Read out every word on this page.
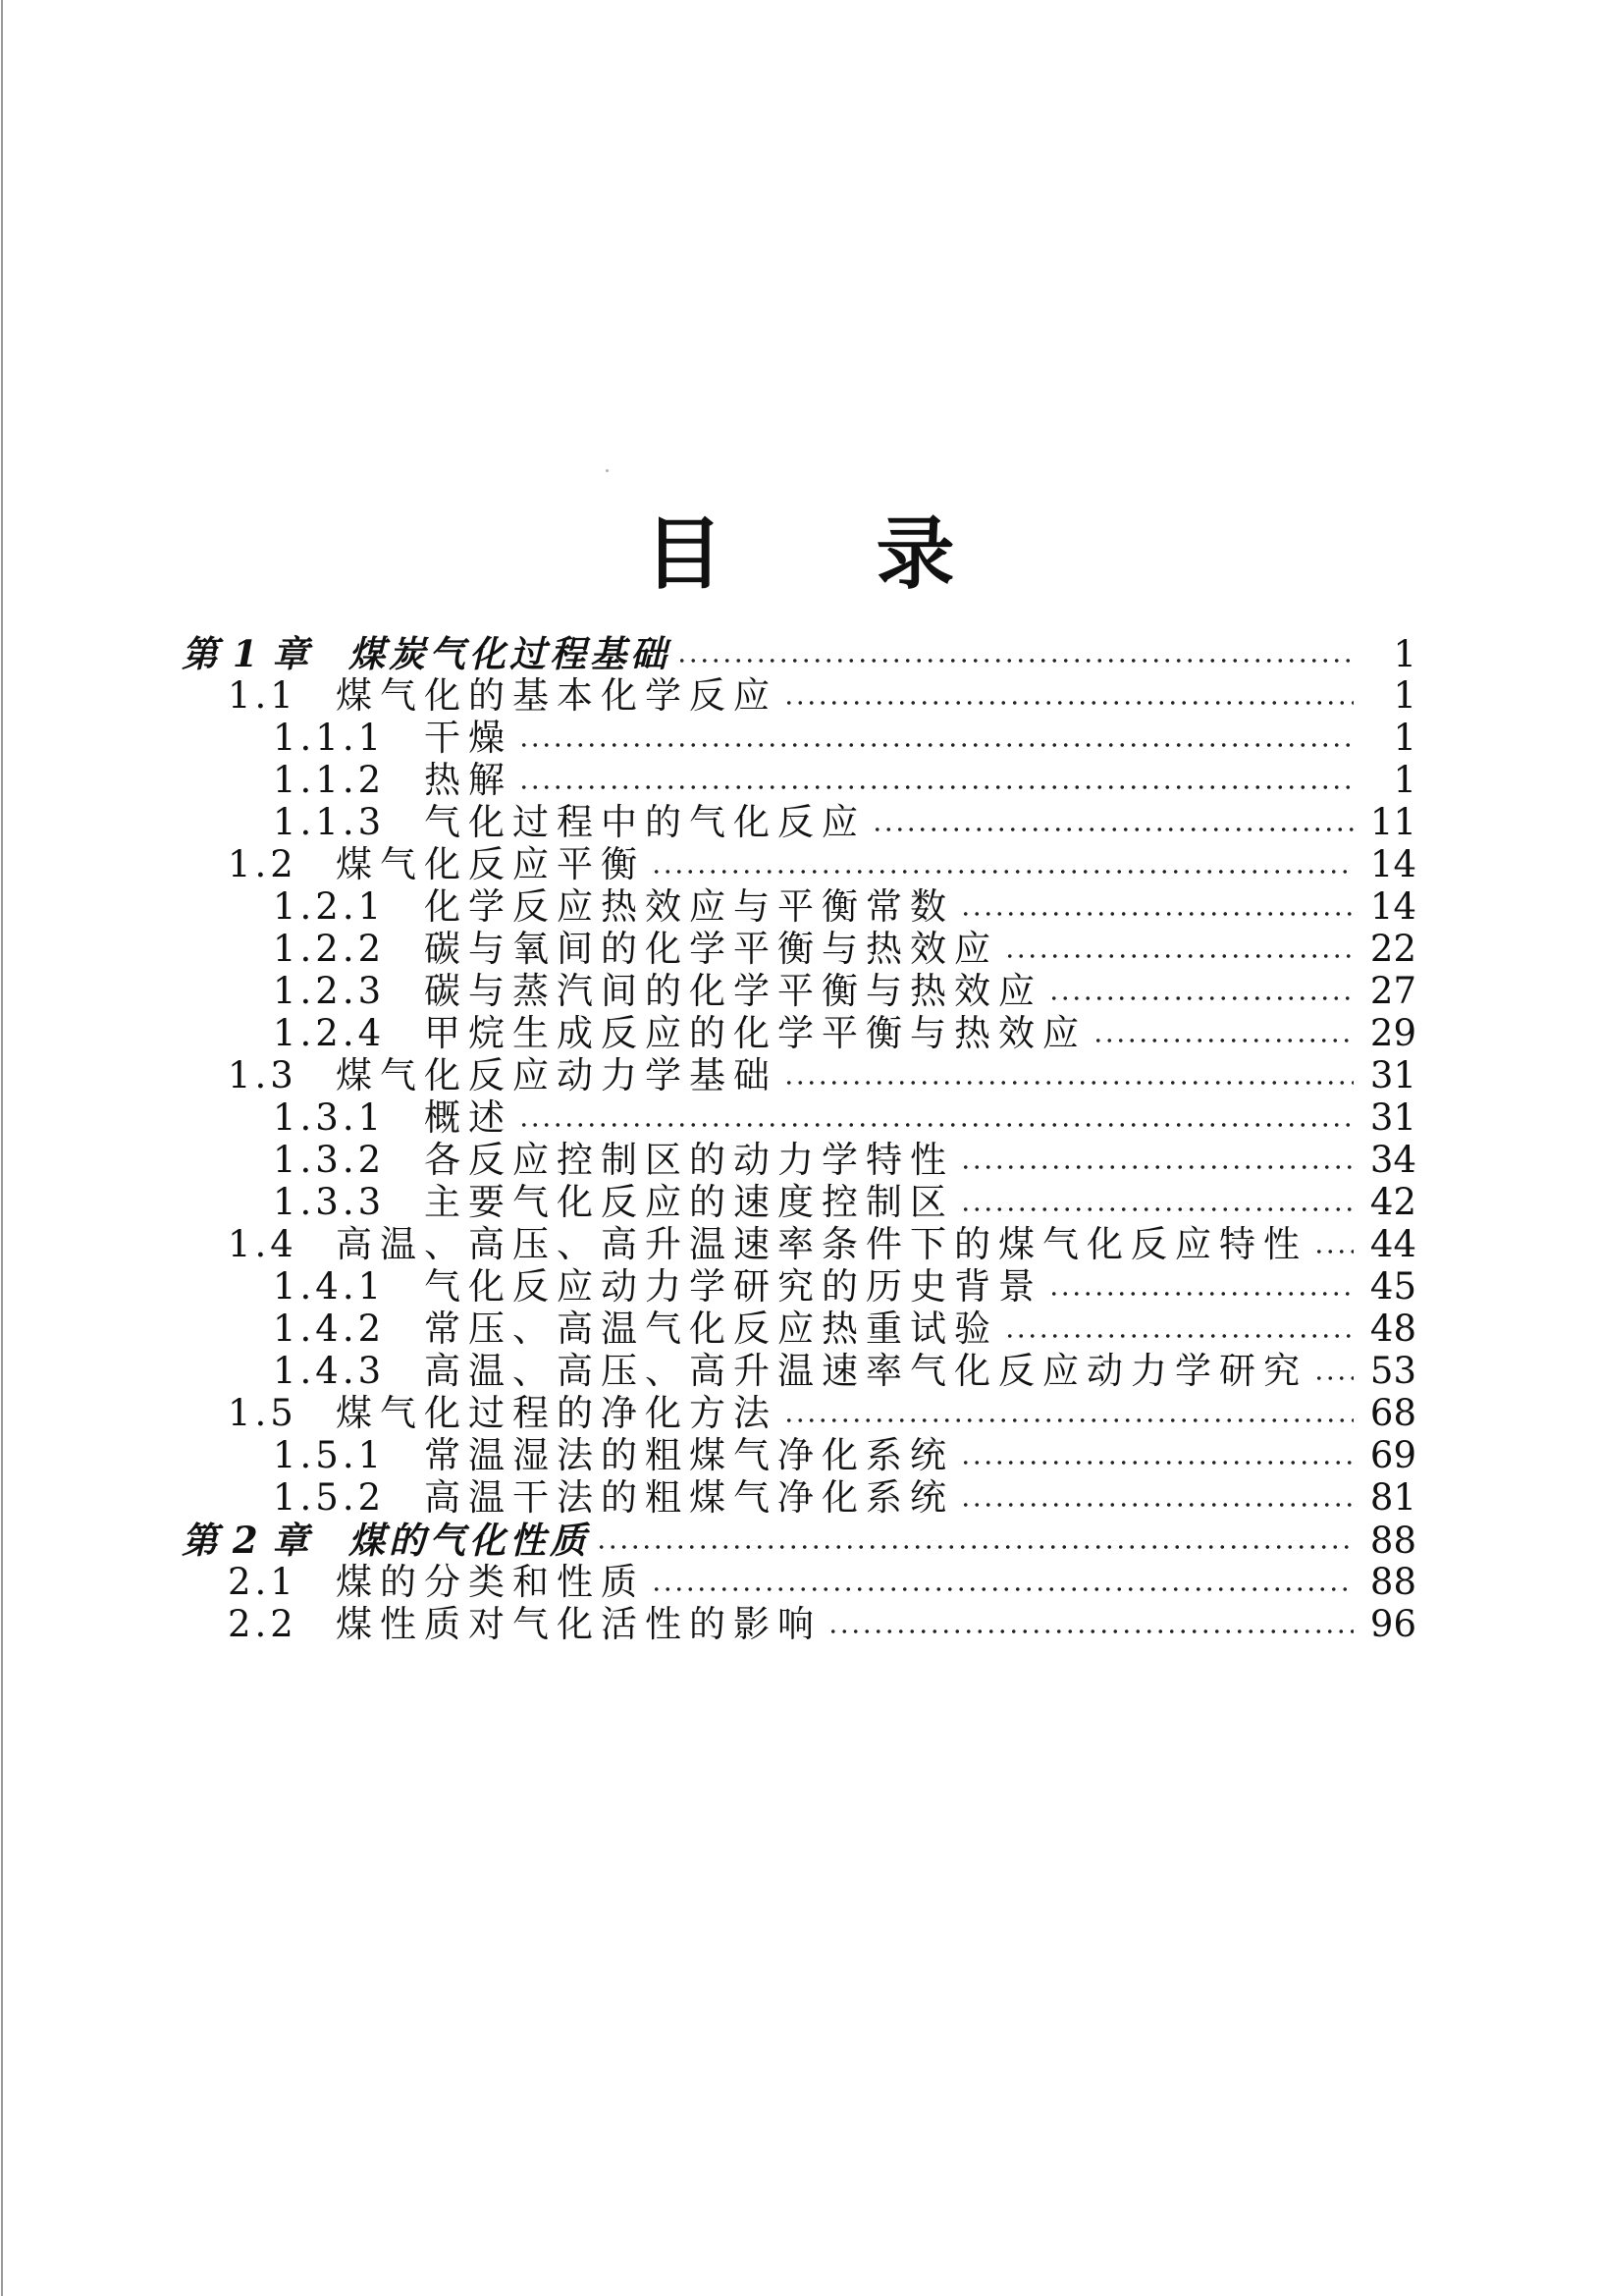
目 录
第 1 章	煤炭气化过程基础	1
1.1	煤气化的基本化学反应	1
1.1.1	干燥	1
1.1.2	热解	1
1.1.3	气化过程中的气化反应	11
1.2	煤气化反应平衡	14
1.2.1	化学反应热效应与平衡常数	14
1.2.2	碳与氧间的化学平衡与热效应	22
1.2.3	碳与蒸汽间的化学平衡与热效应	27
1.2.4	甲烷生成反应的化学平衡与热效应	29
1.3	煤气化反应动力学基础	31
1.3.1	概述	31
1.3.2	各反应控制区的动力学特性	34
1.3.3	主要气化反应的速度控制区	42
1.4	高温、高压、高升温速率条件下的煤气化反应特性 44
1.4.1	气化反应动力学研究的历史背景	45
1.4.2	常压、高温气化反应热重试验	48
1.4.3	高温、高压、高升温速率气化反应动力学研究 53
1.5	煤气化过程的净化方法	68
1.5.1	常温湿法的粗煤气净化系统	69
1.5.2	高温干法的粗煤气净化系统	81
第 2 章	煤的气化性质	88
2.1	煤的分类和性质	88
2.2	煤性质对气化活性的影响	96
